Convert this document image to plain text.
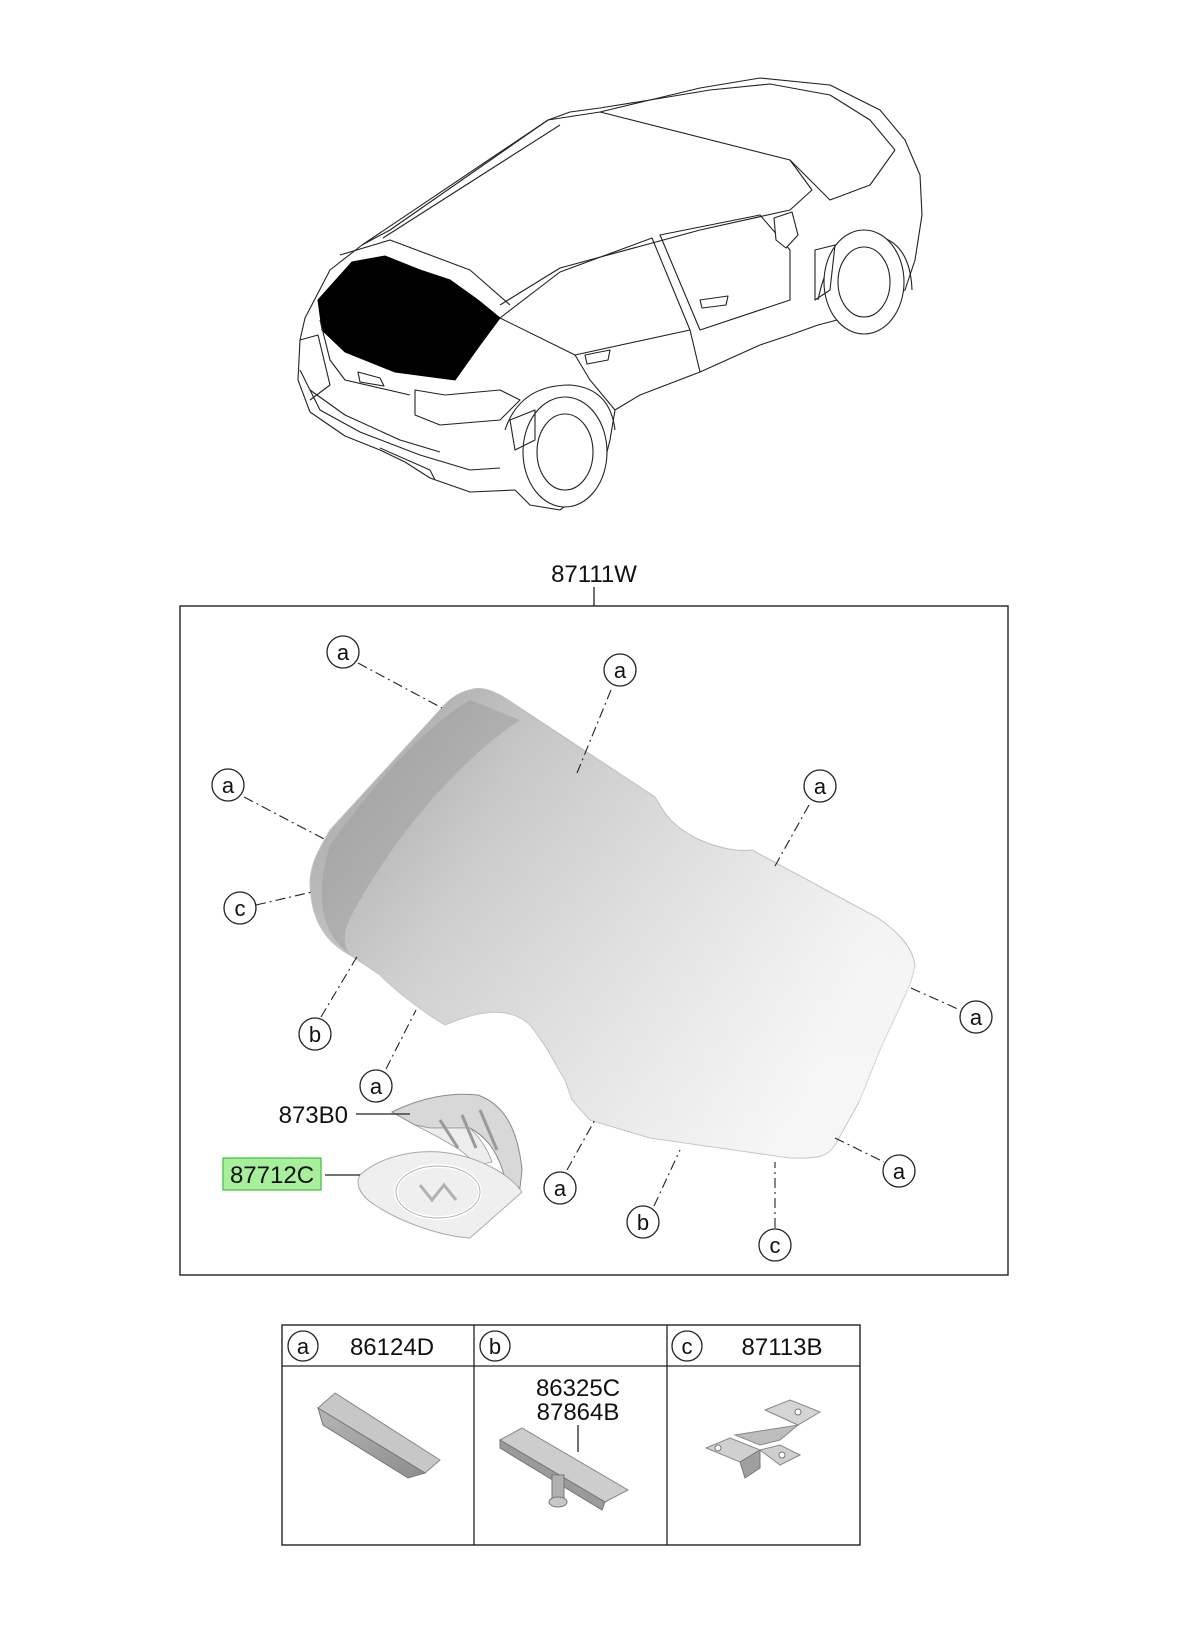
87111W
873B0
87712C
a
a
a	a
c
b
a
a
a
a
b
c
a 86124D b
86325C
87864B
c 87113B
